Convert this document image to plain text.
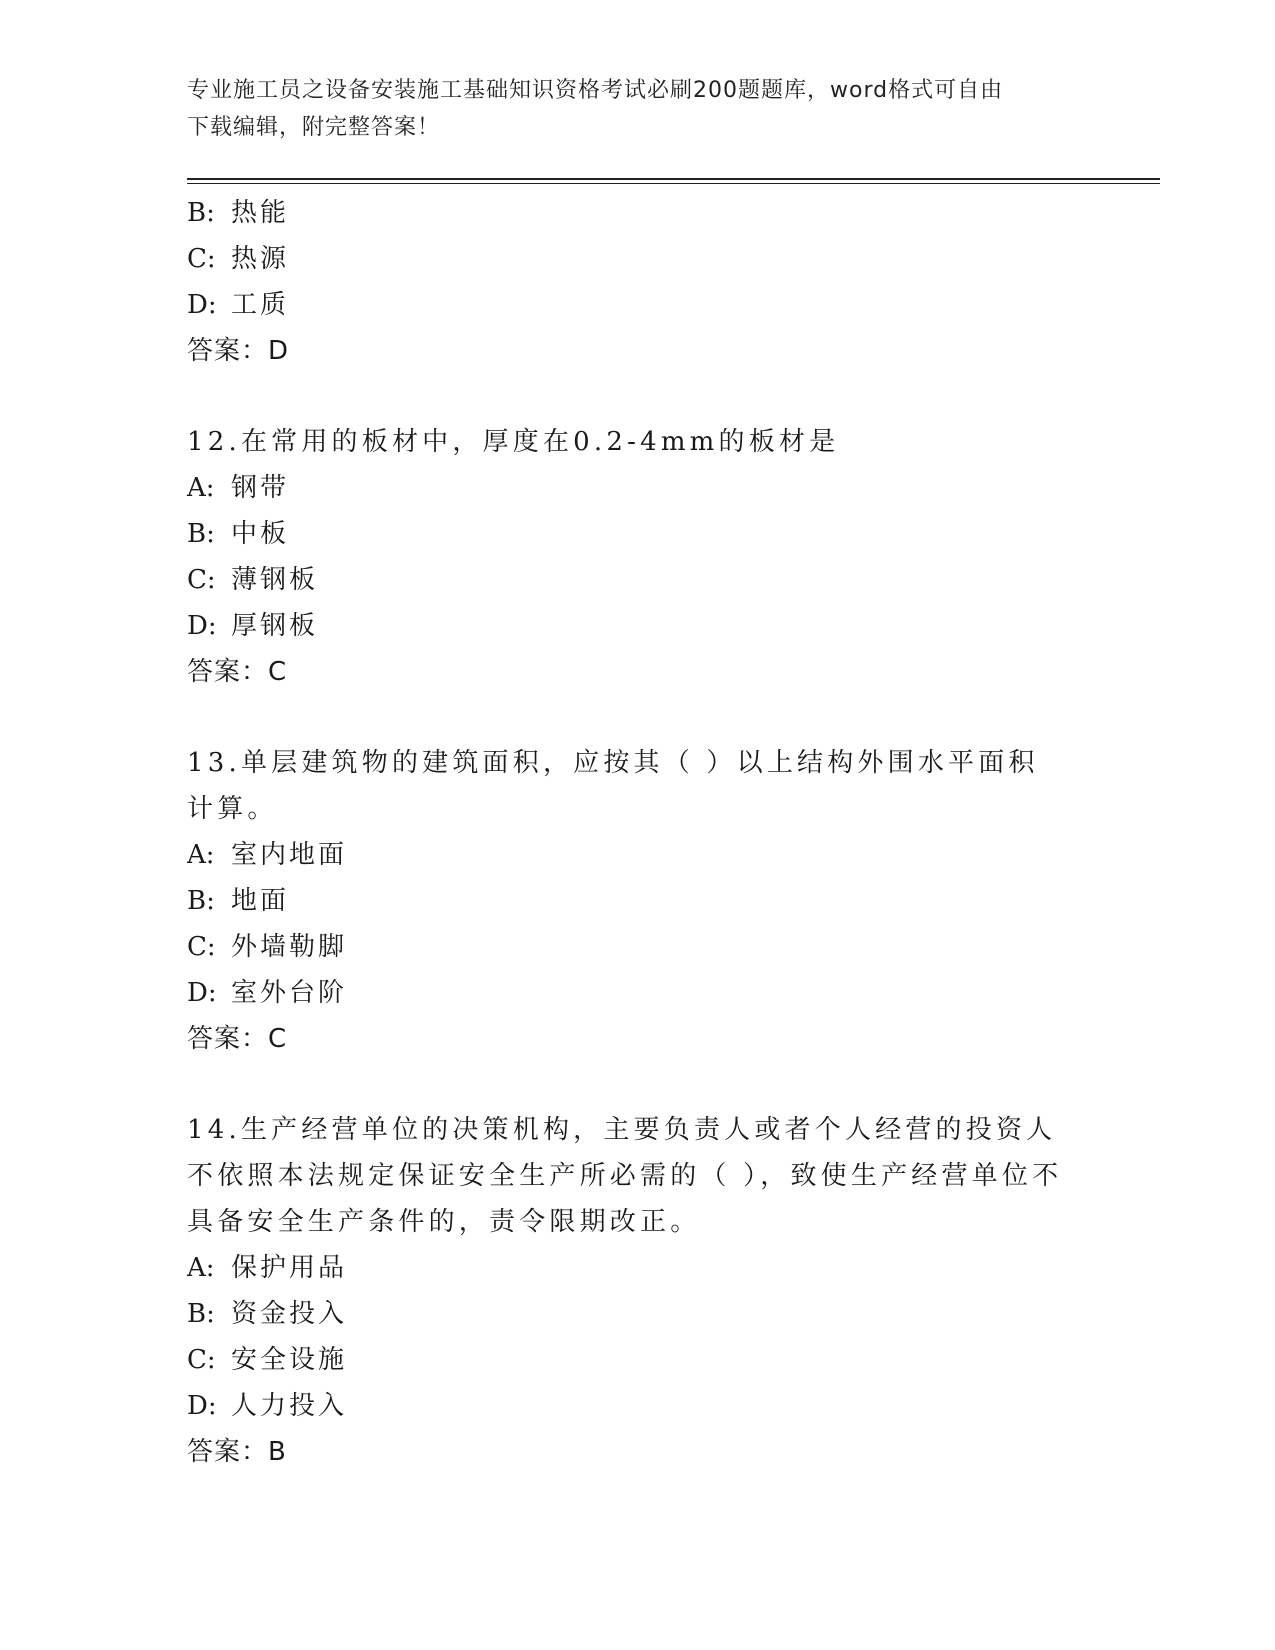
专业施工员之设备安装施工基础知识资格考试必刷200题题库，word格式可自由
下载编辑，附完整答案！
B: 热能
C: 热源
D: 工质
答案：D
12.在常用的板材中，厚度在0.2-4mm的板材是
A: 钢带
B: 中板
C: 薄钢板
D: 厚钢板
答案：C
13.单层建筑物的建筑面积，应按其（ ）以上结构外围水平面积计算。
A: 室内地面
B: 地面
C: 外墙勒脚
D: 室外台阶
答案：C
14.生产经营单位的决策机构，主要负责人或者个人经营的投资人不依照本法规定保证安全生产所必需的（ ），致使生产经营单位不具备安全生产条件的，责令限期改正。
A: 保护用品
B: 资金投入
C: 安全设施
D: 人力投入
答案：B
